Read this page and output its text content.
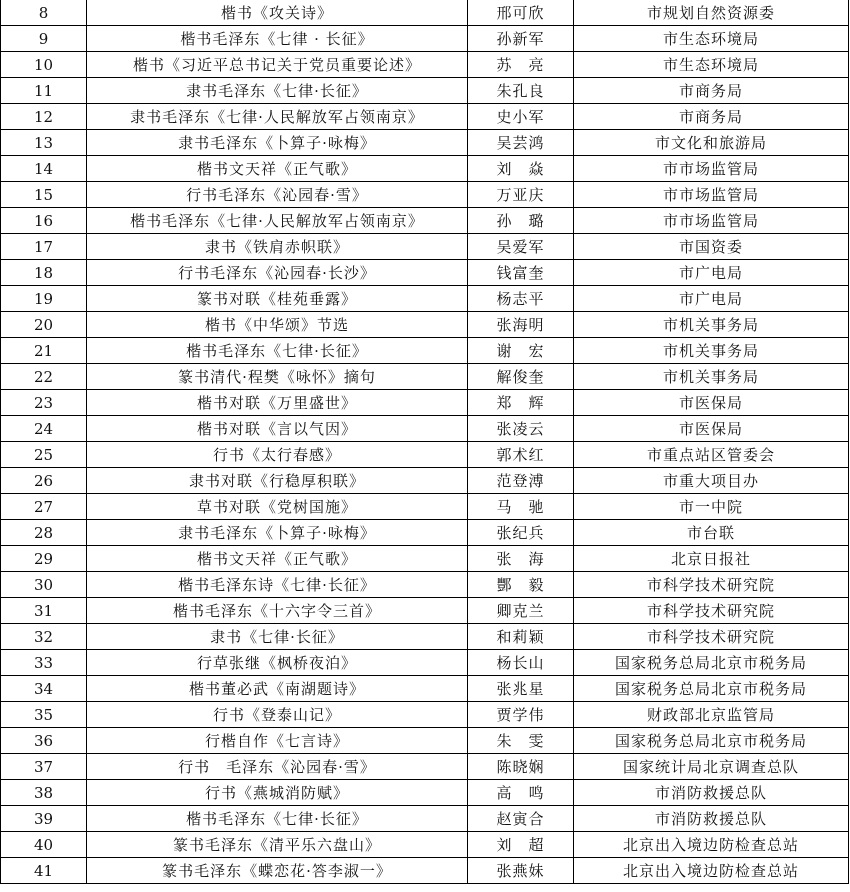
8	楷书《攻关诗》	邢可欣	市规划自然资源委
9	楷书毛泽东《七律 · 长征》	孙新军	市生态环境局
10	楷书《习近平总书记关于党员重要论述》	苏　亮	市生态环境局
11	隶书毛泽东《七律·长征》	朱孔良	市商务局
12	隶书毛泽东《七律·人民解放军占领南京》	史小军	市商务局
13	隶书毛泽东《卜算子·咏梅》	吴芸鸿	市文化和旅游局
14	楷书文天祥《正气歌》	刘　焱	市市场监管局
15	行书毛泽东《沁园春·雪》	万亚庆	市市场监管局
16	楷书毛泽东《七律·人民解放军占领南京》	孙　璐	市市场监管局
17	隶书《铁肩赤帜联》	吴爱军	市国资委
18	行书毛泽东《沁园春·长沙》	钱富奎	市广电局
19	篆书对联《桂苑垂露》	杨志平	市广电局
20	楷书《中华颂》节选	张海明	市机关事务局
21	楷书毛泽东《七律·长征》	谢　宏	市机关事务局
22	篆书清代·程樊《咏怀》摘句	解俊奎	市机关事务局
23	楷书对联《万里盛世》	郑　辉	市医保局
24	楷书对联《言以气因》	张凌云	市医保局
25	行书《太行春感》	郭术红	市重点站区管委会
26	隶书对联《行稳厚积联》	范登溥	市重大项目办
27	草书对联《党树国施》	马　驰	市一中院
28	隶书毛泽东《卜算子·咏梅》	张纪兵	市台联
29	楷书文天祥《正气歌》	张　海	北京日报社
30	楷书毛泽东诗《七律·长征》	酆　毅	市科学技术研究院
31	楷书毛泽东《十六字令三首》	卿克兰	市科学技术研究院
32	隶书《七律·长征》	和莉颖	市科学技术研究院
33	行草张继《枫桥夜泊》	杨长山	国家税务总局北京市税务局
34	楷书董必武《南湖题诗》	张兆星	国家税务总局北京市税务局
35	行书《登泰山记》	贾学伟	财政部北京监管局
36	行楷自作《七言诗》	朱　雯	国家税务总局北京市税务局
37	行书　毛泽东《沁园春·雪》	陈晓娴	国家统计局北京调查总队
38	行书《燕城消防赋》	高　鸣	市消防救援总队
39	楷书毛泽东《七律·长征》	赵寅合	市消防救援总队
40	篆书毛泽东《清平乐六盘山》	刘　超	北京出入境边防检查总站
41	篆书毛泽东《蝶恋花·答李淑一》	张燕妹	北京出入境边防检查总站
